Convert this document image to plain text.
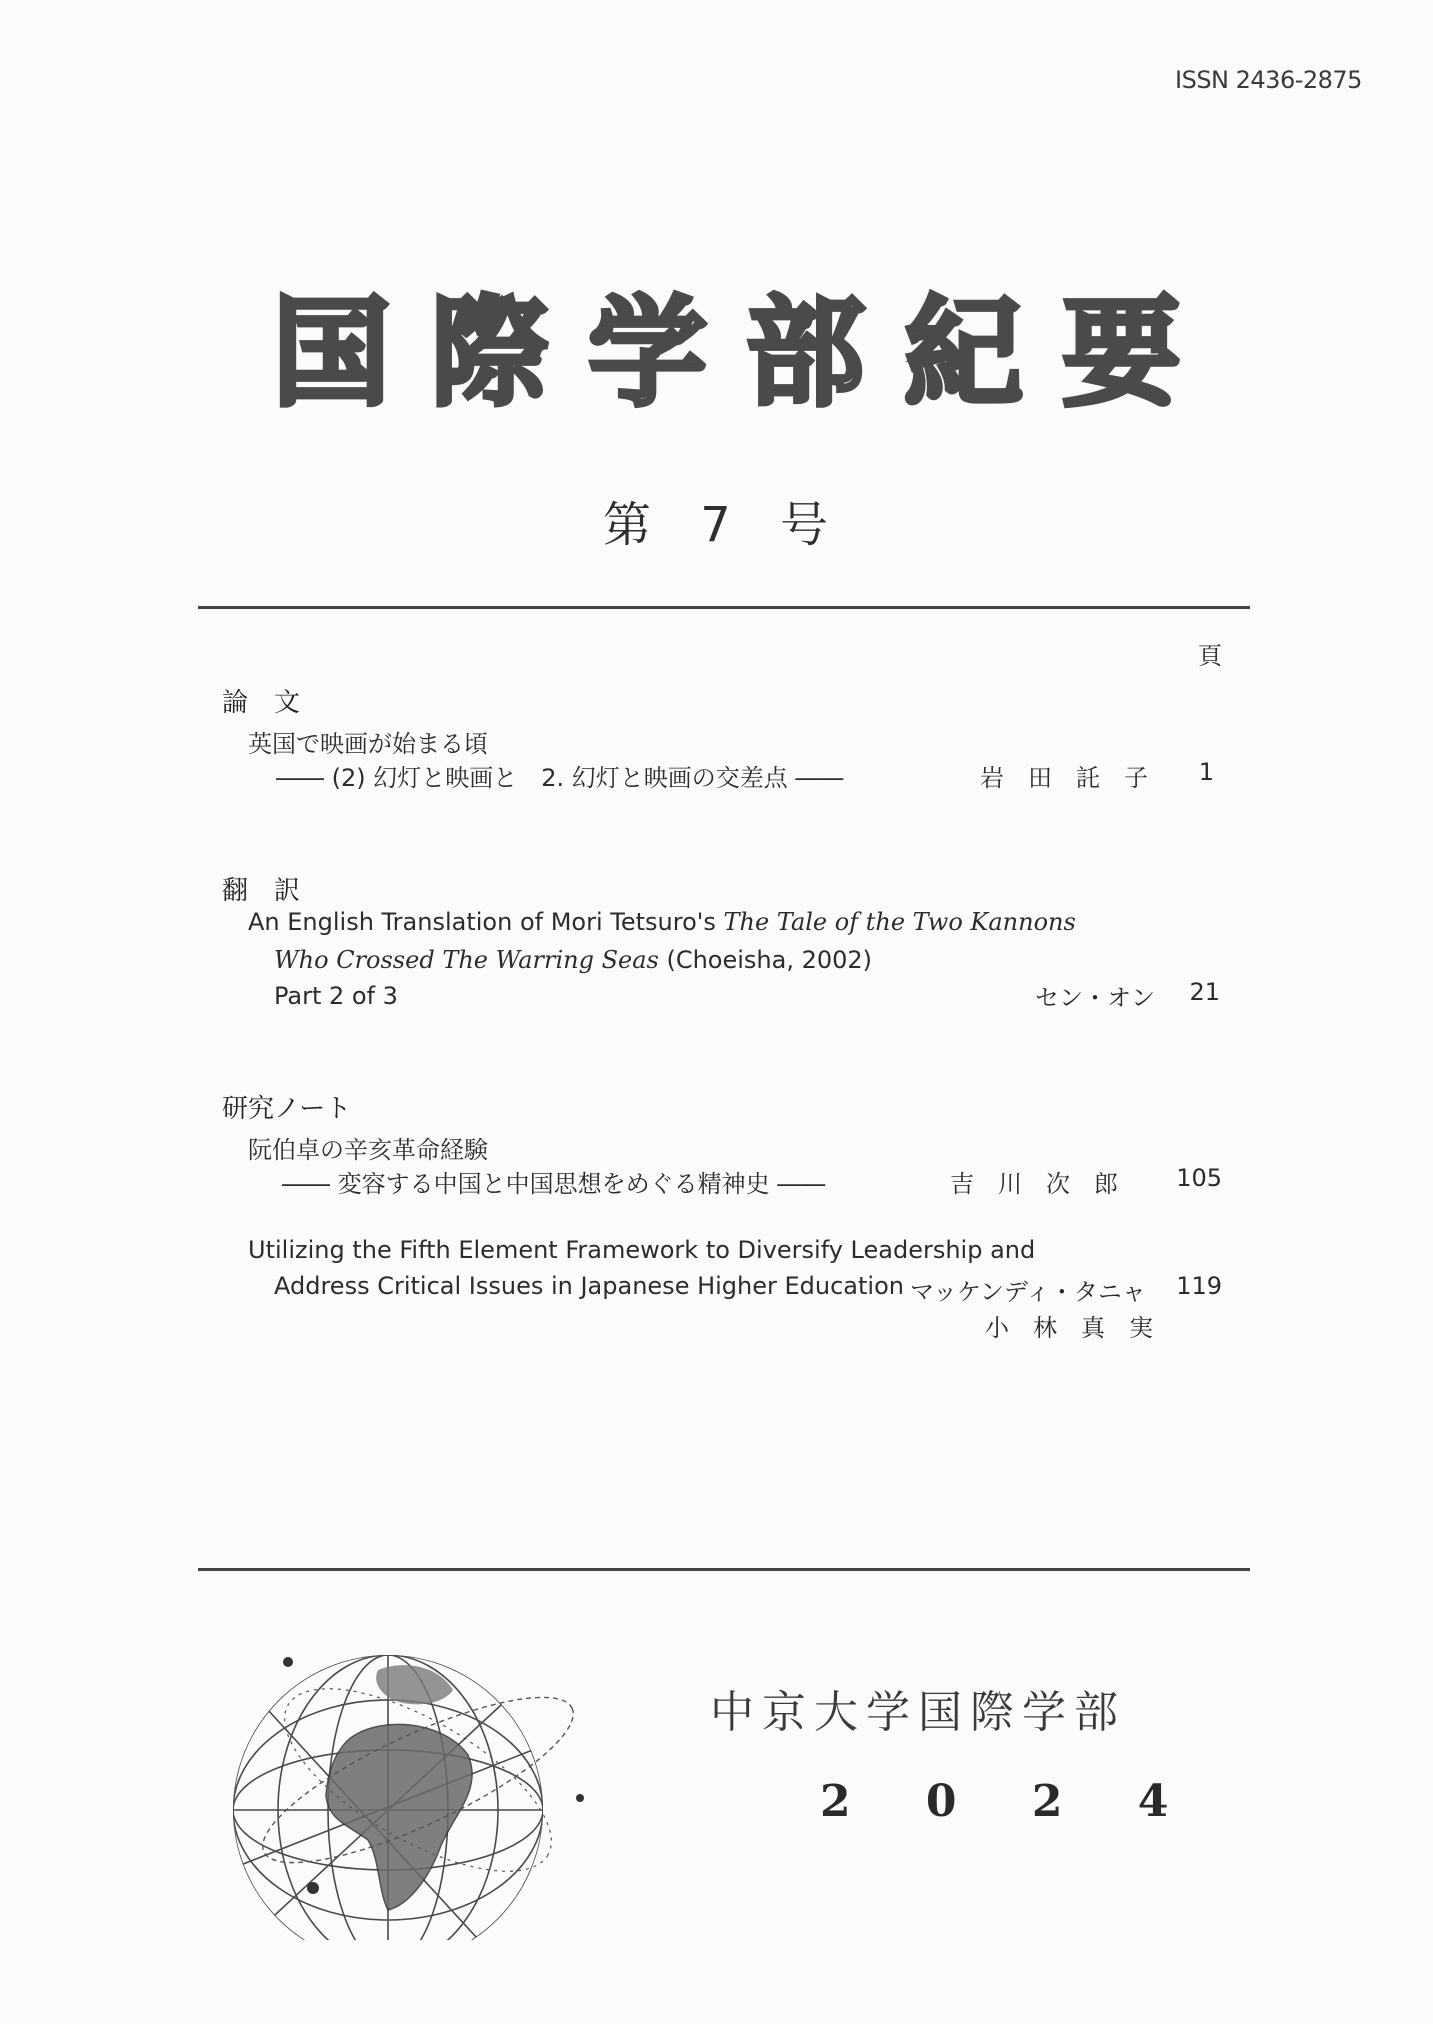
ISSN 2436-2875
国際学部紀要
第 7 号
頁
論　文
英国で映画が始まる頃
―― (2) 幻灯と映画と　2. 幻灯と映画の交差点 ――	岩　田　託　子	1
翻　訳
An English Translation of Mori Tetsuro's The Tale of the Two Kannons
Who Crossed The Warring Seas (Choeisha, 2002)
Part 2 of 3	セン・オン	21
研究ノート
阮伯卓の辛亥革命経験
―― 変容する中国と中国思想をめぐる精神史 ――	吉　川　次　郎	105
Utilizing the Fifth Element Framework to Diversify Leadership and
Address Critical Issues in Japanese Higher Education マッケンディ・タニャ	119
小　林　真　実
中京大学国際学部
2 0 2 4
